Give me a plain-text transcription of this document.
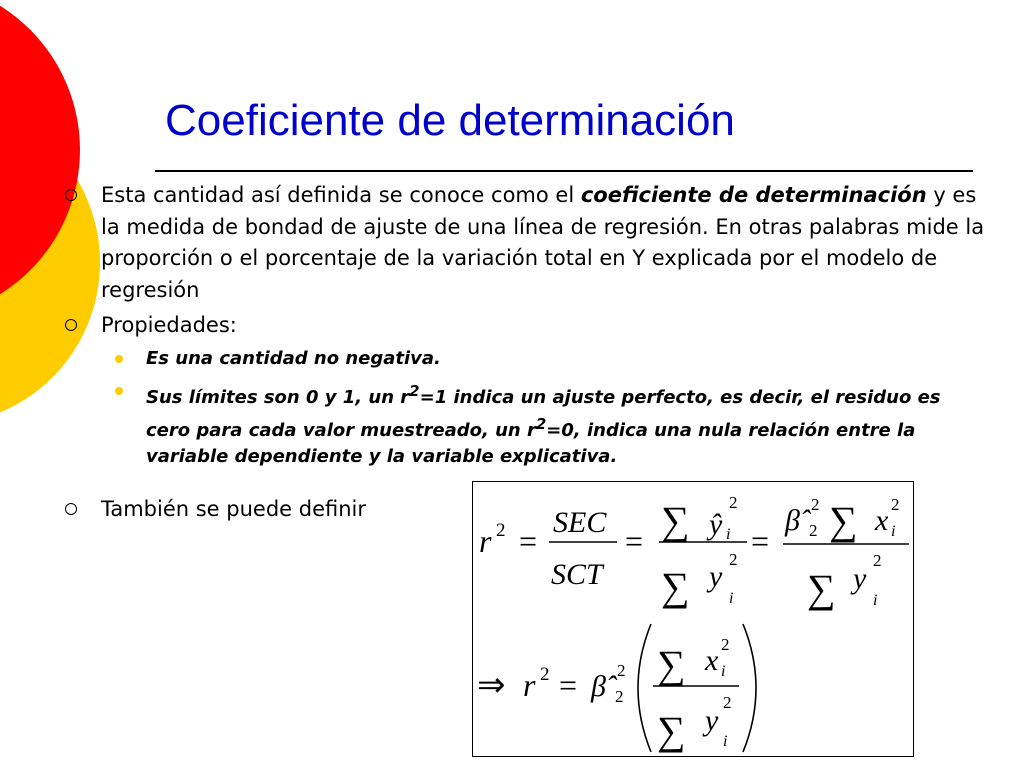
Coeficiente de determinación
Esta cantidad así definida se conoce como el coeficiente de determinación y es la medida de bondad de ajuste de una línea de regresión. En otras palabras mide la proporción o el porcentaje de la variación total en Y explicada por el modelo de regresión
Propiedades:
Es una cantidad no negativa.
Sus límites son 0 y 1, un $r^2=1$ indica un ajuste perfecto, es decir, el residuo es cero para cada valor muestreado, un $r^2=0$, indica una nula relación entre la variable dependiente y la variable explicativa.
También se puede definir
r 2 =
SEC
SCT
= ∑ ŷ
2
i
∑ y
2
i
=
β̂ 2
2 ∑ x 2
i
∑ y
2
i
⇒ r 2 = β̂ 2
2
∑ x 2
i
∑ y
2
i
